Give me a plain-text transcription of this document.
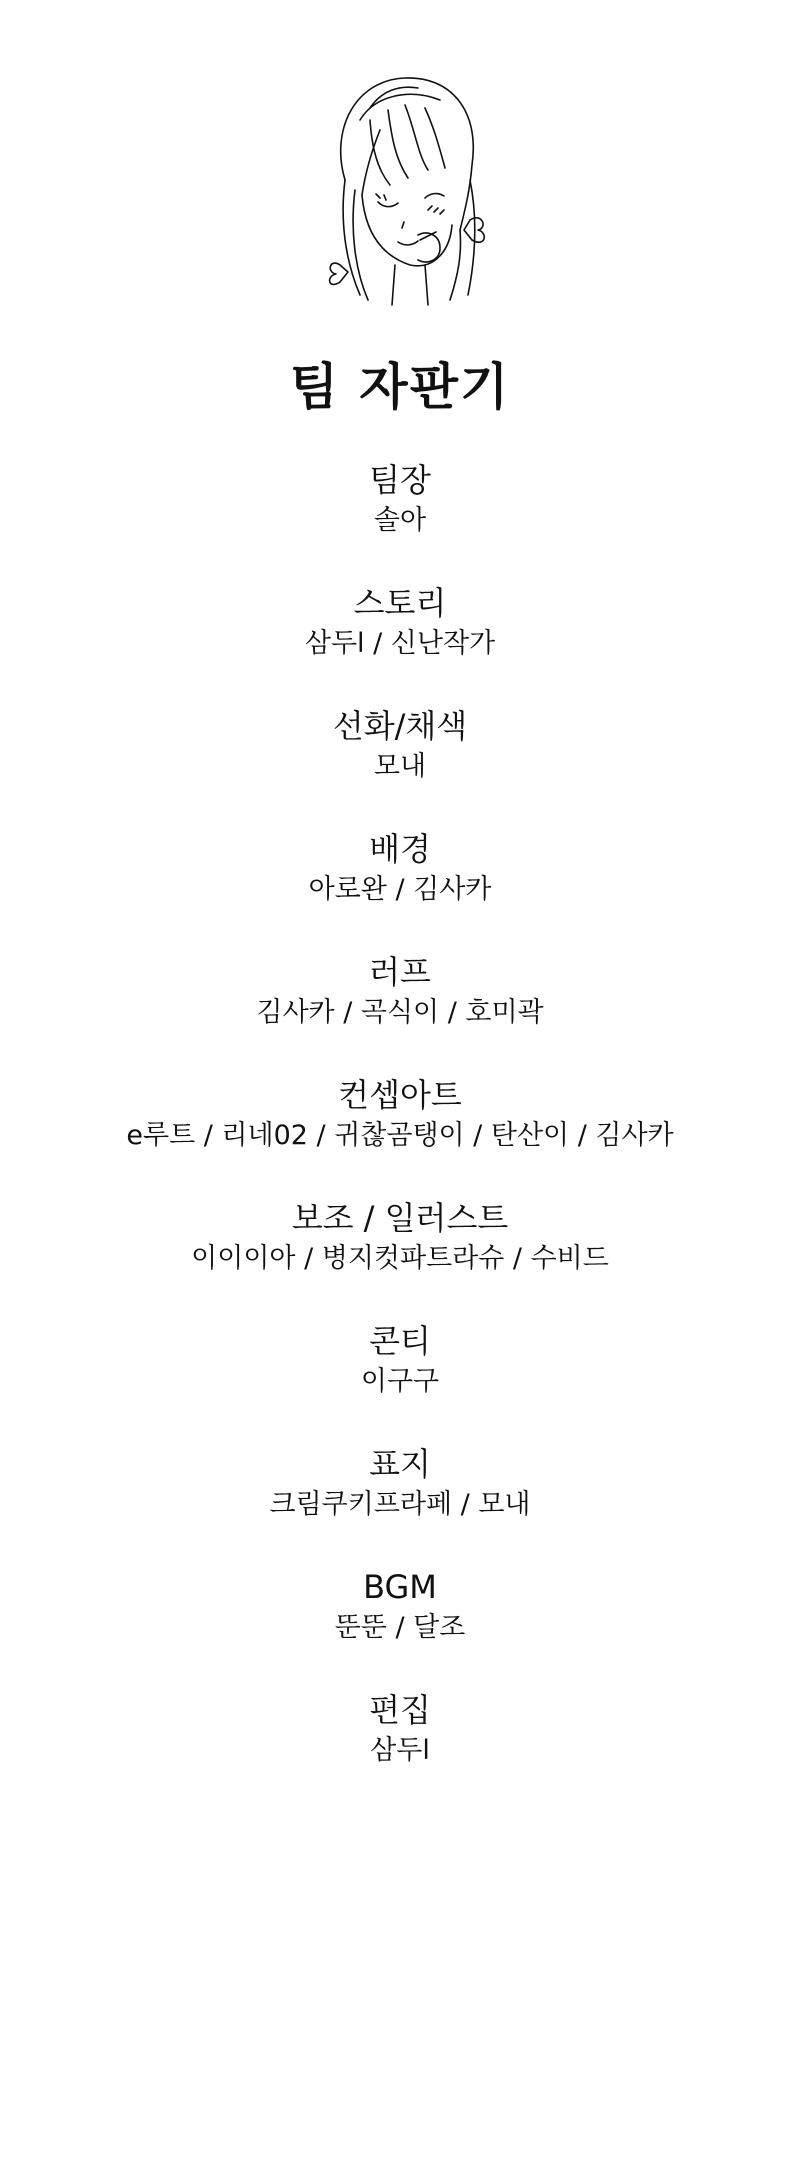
팀 자판기
팀장
솔아
스토리
삼두l / 신난작가
선화/채색
모내
배경
아로완 / 김사카
러프
김사카 / 곡식이 / 호미곽
컨셉아트
e루트 / 리네02 / 귀찮곰탱이 / 탄산이 / 김사카
보조 / 일러스트
이이이아 / 병지컷파트라슈 / 수비드
콘티
이구구
표지
크림쿠키프라페 / 모내
BGM
뚠뚠 / 달조
편집
삼두l
